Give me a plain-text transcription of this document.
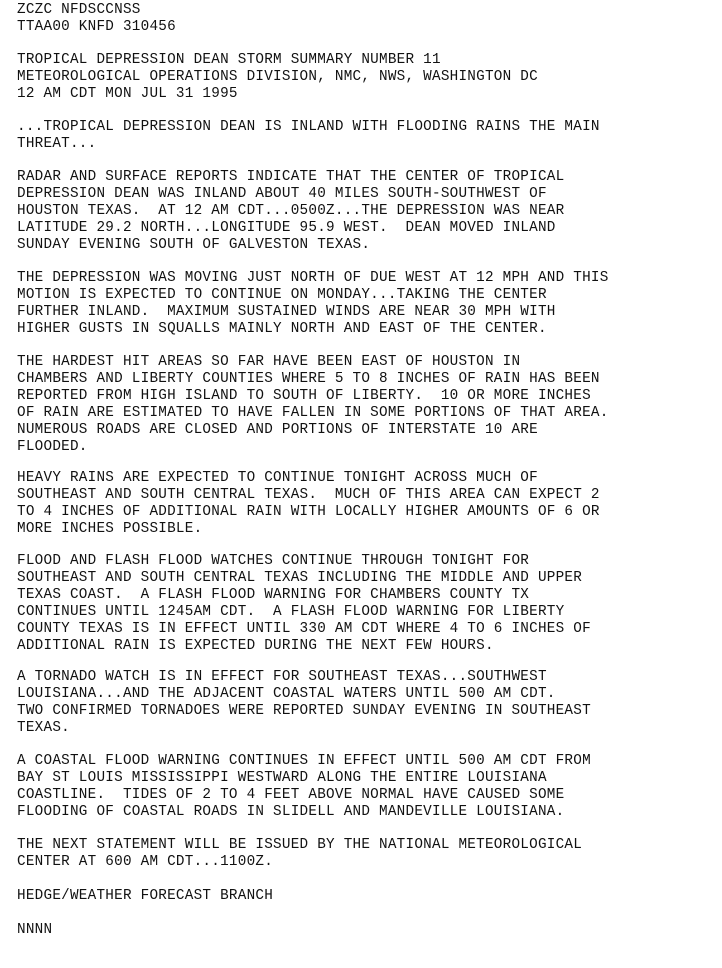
ZCZC NFDSCCNSS
TTAA00 KNFD 310456
TROPICAL DEPRESSION DEAN STORM SUMMARY NUMBER 11
METEOROLOGICAL OPERATIONS DIVISION, NMC, NWS, WASHINGTON DC
12 AM CDT MON JUL 31 1995
...TROPICAL DEPRESSION DEAN IS INLAND WITH FLOODING RAINS THE MAIN
THREAT...
RADAR AND SURFACE REPORTS INDICATE THAT THE CENTER OF TROPICAL
DEPRESSION DEAN WAS INLAND ABOUT 40 MILES SOUTH-SOUTHWEST OF
HOUSTON TEXAS.  AT 12 AM CDT...0500Z...THE DEPRESSION WAS NEAR
LATITUDE 29.2 NORTH...LONGITUDE 95.9 WEST.  DEAN MOVED INLAND
SUNDAY EVENING SOUTH OF GALVESTON TEXAS.
THE DEPRESSION WAS MOVING JUST NORTH OF DUE WEST AT 12 MPH AND THIS
MOTION IS EXPECTED TO CONTINUE ON MONDAY...TAKING THE CENTER
FURTHER INLAND.  MAXIMUM SUSTAINED WINDS ARE NEAR 30 MPH WITH
HIGHER GUSTS IN SQUALLS MAINLY NORTH AND EAST OF THE CENTER.
THE HARDEST HIT AREAS SO FAR HAVE BEEN EAST OF HOUSTON IN
CHAMBERS AND LIBERTY COUNTIES WHERE 5 TO 8 INCHES OF RAIN HAS BEEN
REPORTED FROM HIGH ISLAND TO SOUTH OF LIBERTY.  10 OR MORE INCHES
OF RAIN ARE ESTIMATED TO HAVE FALLEN IN SOME PORTIONS OF THAT AREA.
NUMEROUS ROADS ARE CLOSED AND PORTIONS OF INTERSTATE 10 ARE
FLOODED.
HEAVY RAINS ARE EXPECTED TO CONTINUE TONIGHT ACROSS MUCH OF
SOUTHEAST AND SOUTH CENTRAL TEXAS.  MUCH OF THIS AREA CAN EXPECT 2
TO 4 INCHES OF ADDITIONAL RAIN WITH LOCALLY HIGHER AMOUNTS OF 6 OR
MORE INCHES POSSIBLE.
FLOOD AND FLASH FLOOD WATCHES CONTINUE THROUGH TONIGHT FOR
SOUTHEAST AND SOUTH CENTRAL TEXAS INCLUDING THE MIDDLE AND UPPER
TEXAS COAST.  A FLASH FLOOD WARNING FOR CHAMBERS COUNTY TX
CONTINUES UNTIL 1245AM CDT.  A FLASH FLOOD WARNING FOR LIBERTY
COUNTY TEXAS IS IN EFFECT UNTIL 330 AM CDT WHERE 4 TO 6 INCHES OF
ADDITIONAL RAIN IS EXPECTED DURING THE NEXT FEW HOURS.
A TORNADO WATCH IS IN EFFECT FOR SOUTHEAST TEXAS...SOUTHWEST
LOUISIANA...AND THE ADJACENT COASTAL WATERS UNTIL 500 AM CDT.
TWO CONFIRMED TORNADOES WERE REPORTED SUNDAY EVENING IN SOUTHEAST
TEXAS.
A COASTAL FLOOD WARNING CONTINUES IN EFFECT UNTIL 500 AM CDT FROM
BAY ST LOUIS MISSISSIPPI WESTWARD ALONG THE ENTIRE LOUISIANA
COASTLINE.  TIDES OF 2 TO 4 FEET ABOVE NORMAL HAVE CAUSED SOME
FLOODING OF COASTAL ROADS IN SLIDELL AND MANDEVILLE LOUISIANA.
THE NEXT STATEMENT WILL BE ISSUED BY THE NATIONAL METEOROLOGICAL
CENTER AT 600 AM CDT...1100Z.
HEDGE/WEATHER FORECAST BRANCH
NNNN
